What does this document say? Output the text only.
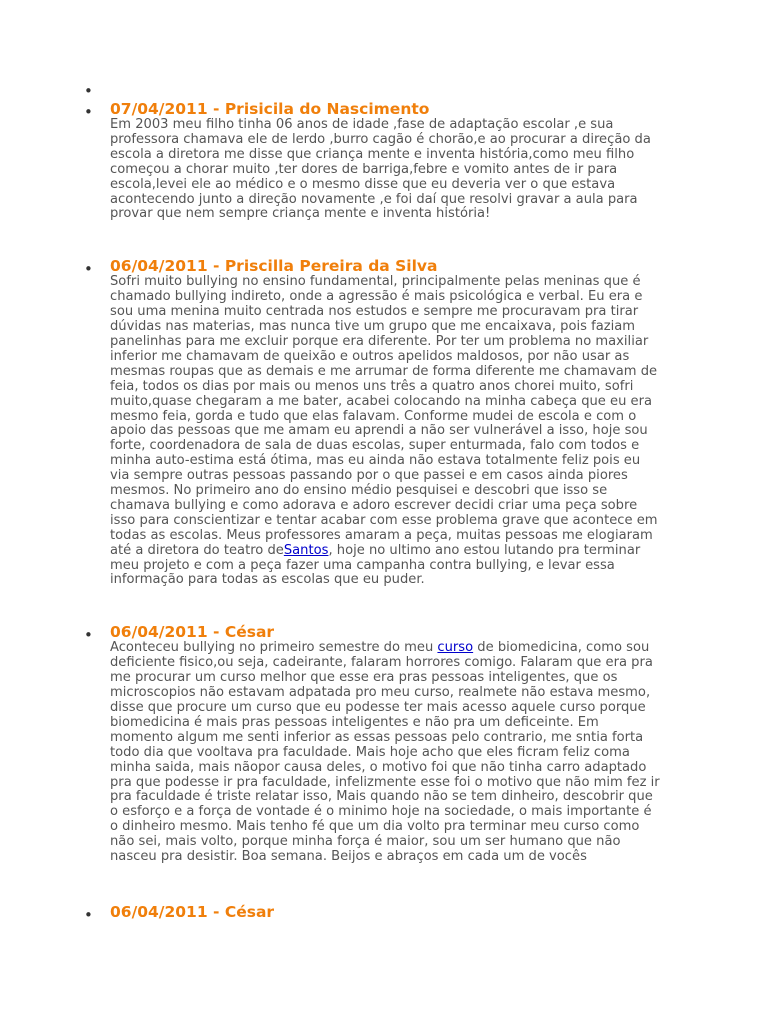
•
• 07/04/2011 - Prisicila do Nascimento
Em 2003 meu filho tinha 06 anos de idade ,fase de adaptação escolar ,e sua professora chamava ele de lerdo ,burro cagão é chorão,e ao procurar a direção da escola a diretora me disse que criança mente e inventa história,como meu filho começou a chorar muito ,ter dores de barriga,febre e vomito antes de ir para escola,levei ele ao médico e o mesmo disse que eu deveria ver o que estava acontecendo junto a direção novamente ,e foi daí que resolvi gravar a aula para provar que nem sempre criança mente e inventa história!
• 06/04/2011 - Priscilla Pereira da Silva
Sofri muito bullying no ensino fundamental, principalmente pelas meninas que é chamado bullying indireto, onde a agressão é mais psicológica e verbal. Eu era e sou uma menina muito centrada nos estudos e sempre me procuravam pra tirar dúvidas nas materias, mas nunca tive um grupo que me encaixava, pois faziam panelinhas para me excluir porque era diferente. Por ter um problema no maxiliar inferior me chamavam de queixão e outros apelidos maldosos, por não usar as mesmas roupas que as demais e me arrumar de forma diferente me chamavam de feia, todos os dias por mais ou menos uns três a quatro anos chorei muito, sofri muito,quase chegaram a me bater, acabei colocando na minha cabeça que eu era mesmo feia, gorda e tudo que elas falavam. Conforme mudei de escola e com o apoio das pessoas que me amam eu aprendi a não ser vulnerável a isso, hoje sou forte, coordenadora de sala de duas escolas, super enturmada, falo com todos e minha auto-estima está ótima, mas eu ainda não estava totalmente feliz pois eu via sempre outras pessoas passando por o que passei e em casos ainda piores mesmos. No primeiro ano do ensino médio pesquisei e descobri que isso se chamava bullying e como adorava e adoro escrever decidi criar uma peça sobre isso para conscientizar e tentar acabar com esse problema grave que acontece em todas as escolas. Meus professores amaram a peça, muitas pessoas me elogiaram até a diretora do teatro deSantos, hoje no ultimo ano estou lutando pra terminar meu projeto e com a peça fazer uma campanha contra bullying, e levar essa informação para todas as escolas que eu puder.
• 06/04/2011 - César
Aconteceu bullying no primeiro semestre do meu curso de biomedicina, como sou deficiente fisico,ou seja, cadeirante, falaram horrores comigo. Falaram que era pra me procurar um curso melhor que esse era pras pessoas inteligentes, que os microscopios não estavam adpatada pro meu curso, realmete não estava mesmo, disse que procure um curso que eu podesse ter mais acesso aquele curso porque biomedicina é mais pras pessoas inteligentes e não pra um deficeinte. Em momento algum me senti inferior as essas pessoas pelo contrario, me sntia forta todo dia que vooltava pra faculdade. Mais hoje acho que eles ficram feliz coma minha saida, mais nãopor causa deles, o motivo foi que não tinha carro adaptado pra que podesse ir pra faculdade, infelizmente esse foi o motivo que não mim fez ir pra faculdade é triste relatar isso, Mais quando não se tem dinheiro, descobrir que o esforço e a força de vontade é o minimo hoje na sociedade, o mais importante é o dinheiro mesmo. Mais tenho fé que um dia volto pra terminar meu curso como não sei, mais volto, porque minha força é maior, sou um ser humano que não nasceu pra desistir. Boa semana. Beijos e abraços em cada um de vocês
• 06/04/2011 - César
